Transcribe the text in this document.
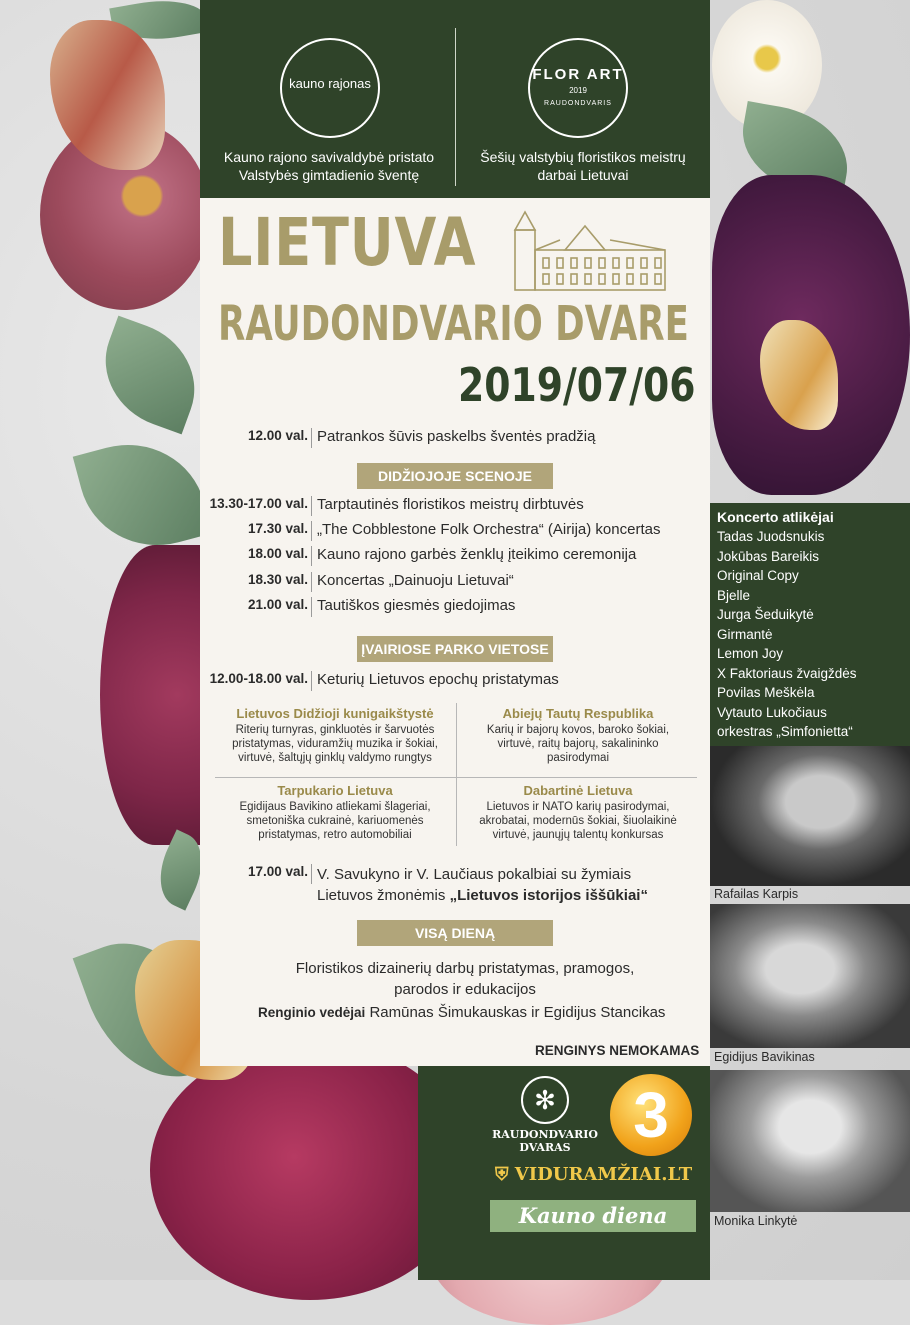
kauno rajonas
Kauno rajono savivaldybė pristato
Valstybės gimtadienio šventę
FLOR ART
2019
RAUDONDVARIS
Šešių valstybių floristikos meistrų
darbai Lietuvai
LIETUVA
RAUDONDVARIO DVARE
2019/07/06
12.00 val. Patrankos šūvis paskelbs šventės pradžią
DIDŽIOJOJE SCENOJE
13.30-17.00 val. Tarptautinės floristikos meistrų dirbtuvės
17.30 val. „The Cobblestone Folk Orchestra“ (Airija) koncertas
18.00 val. Kauno rajono garbės ženklų įteikimo ceremonija
18.30 val. Koncertas „Dainuoju Lietuvai“
21.00 val. Tautiškos giesmės giedojimas
ĮVAIRIOSE PARKO VIETOSE
12.00-18.00 val. Keturių Lietuvos epochų pristatymas
Lietuvos Didžioji kunigaikštystė
Riterių turnyras, ginkluotės ir šarvuotės pristatymas, viduramžių muzika ir šokiai, virtuvė, šaltųjų ginklų valdymo rungtys
Abiejų Tautų Respublika
Karių ir bajorų kovos, baroko šokiai, virtuvė, raitų bajorų, sakalininko pasirodymai
Tarpukario Lietuva
Egidijaus Bavikino atliekami šlageriai, smetoniška cukrainė, kariuomenės pristatymas, retro automobiliai
Dabartinė Lietuva
Lietuvos ir NATO karių pasirodymai, akrobatai, modernūs šokiai, šiuolaikinė virtuvė, jaunųjų talentų konkursas
17.00 val. V. Savukyno ir V. Laučiaus pokalbiai su žymiais
Lietuvos žmonėmis „Lietuvos istorijos iššūkiai“
VISĄ DIENĄ
Floristikos dizainerių darbų pristatymas, pramogos,
parodos ir edukacijos
Renginio vedėjai Ramūnas Šimukauskas ir Egidijus Stancikas
RENGINYS NEMOKAMAS
✻
RAUDONDVARIO
DVARAS 3
⛨ VIDURAMŽIAI.LT
Kauno diena
Koncerto atlikėjai
Tadas Juodsnukis
Jokūbas Bareikis
Original Copy
Bjelle
Jurga Šeduikytė
Girmantė
Lemon Joy
X Faktoriaus žvaigždės
Povilas Meškėla
Vytauto Lukočiaus
orkestras „Simfonietta“
Rafailas Karpis
Egidijus Bavikinas
Monika Linkytė
